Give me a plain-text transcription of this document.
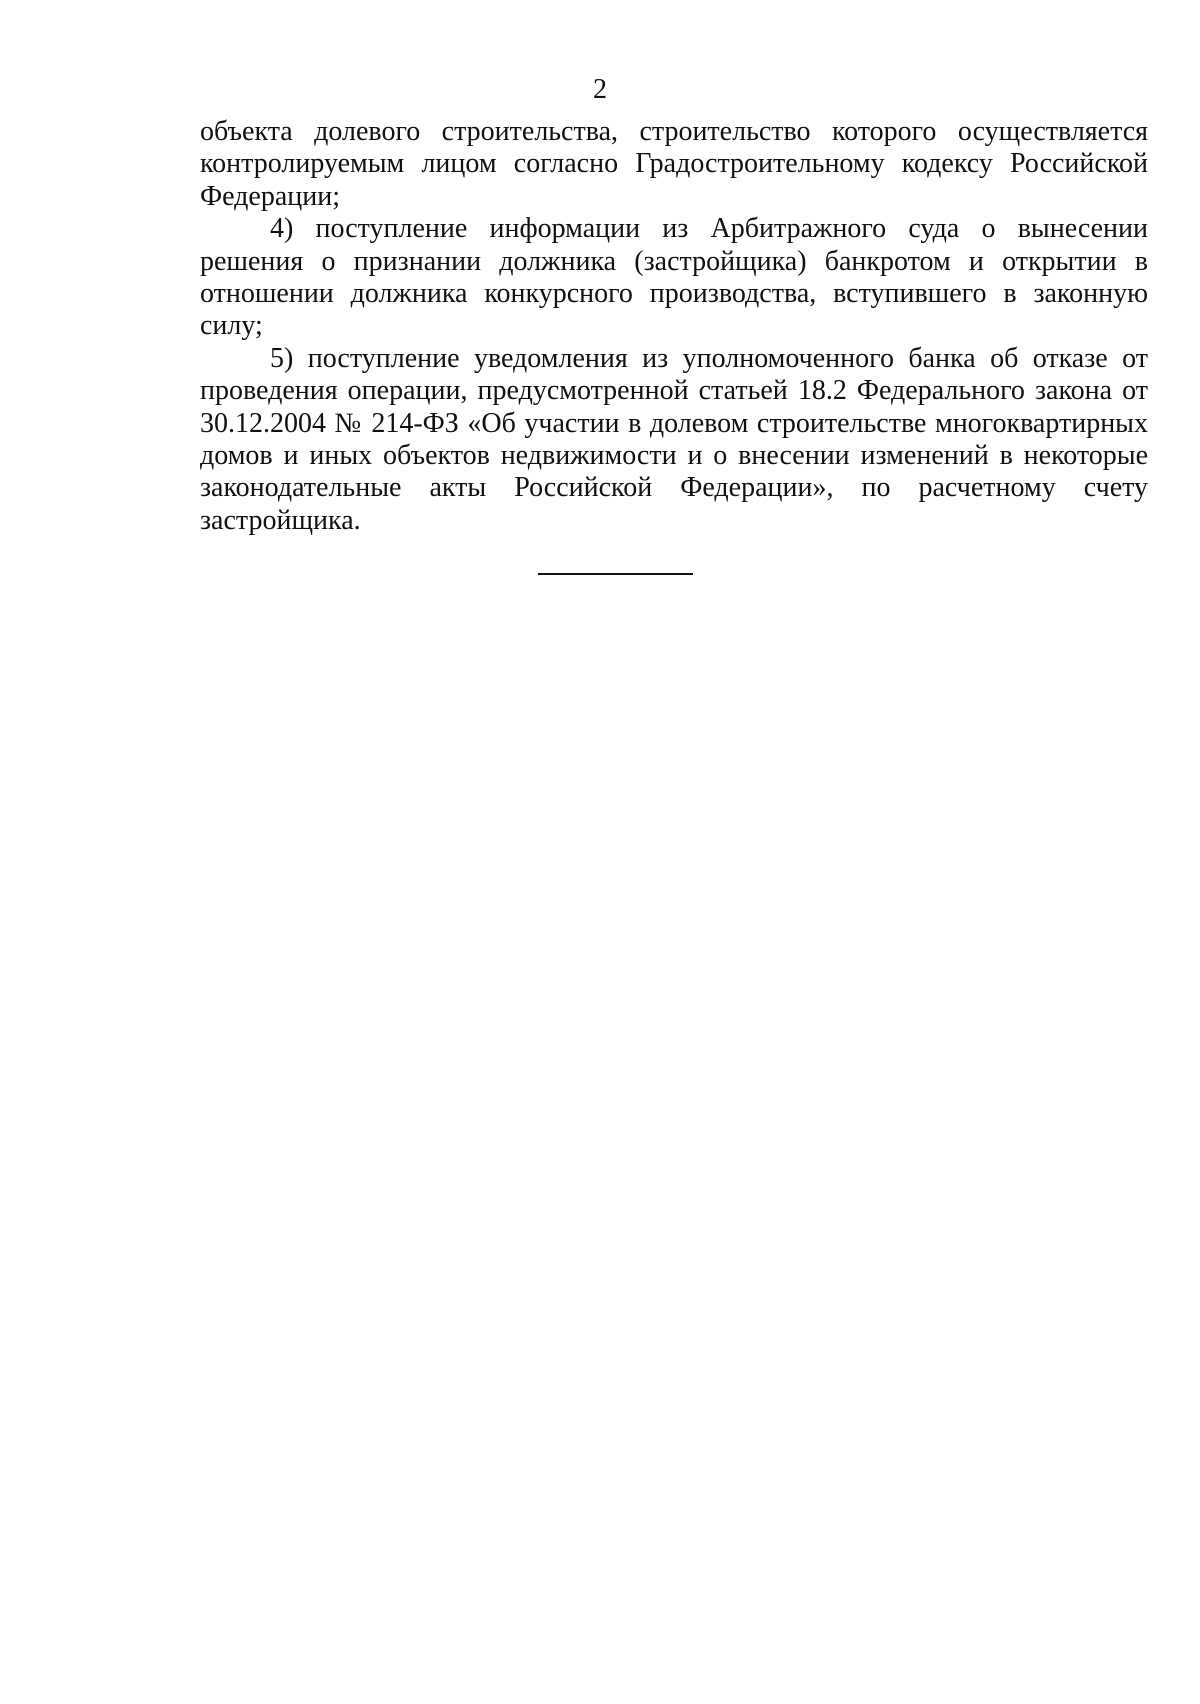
2

объекта долевого строительства, строительство которого осуществляется контролируемым лицом согласно Градостроительному кодексу Российской Федерации;

4) поступление информации из Арбитражного суда о вынесении решения о признании должника (застройщика) банкротом и открытии в отношении должника конкурсного производства, вступившего в законную силу;

5) поступление уведомления из уполномоченного банка об отказе от проведения операции, предусмотренной статьей 18.2 Федерального закона от 30.12.2004 № 214-ФЗ «Об участии в долевом строительстве многоквартирных домов и иных объектов недвижимости и о внесении изменений в некоторые законодательные акты Российской Федерации», по расчетному счету застройщика.
